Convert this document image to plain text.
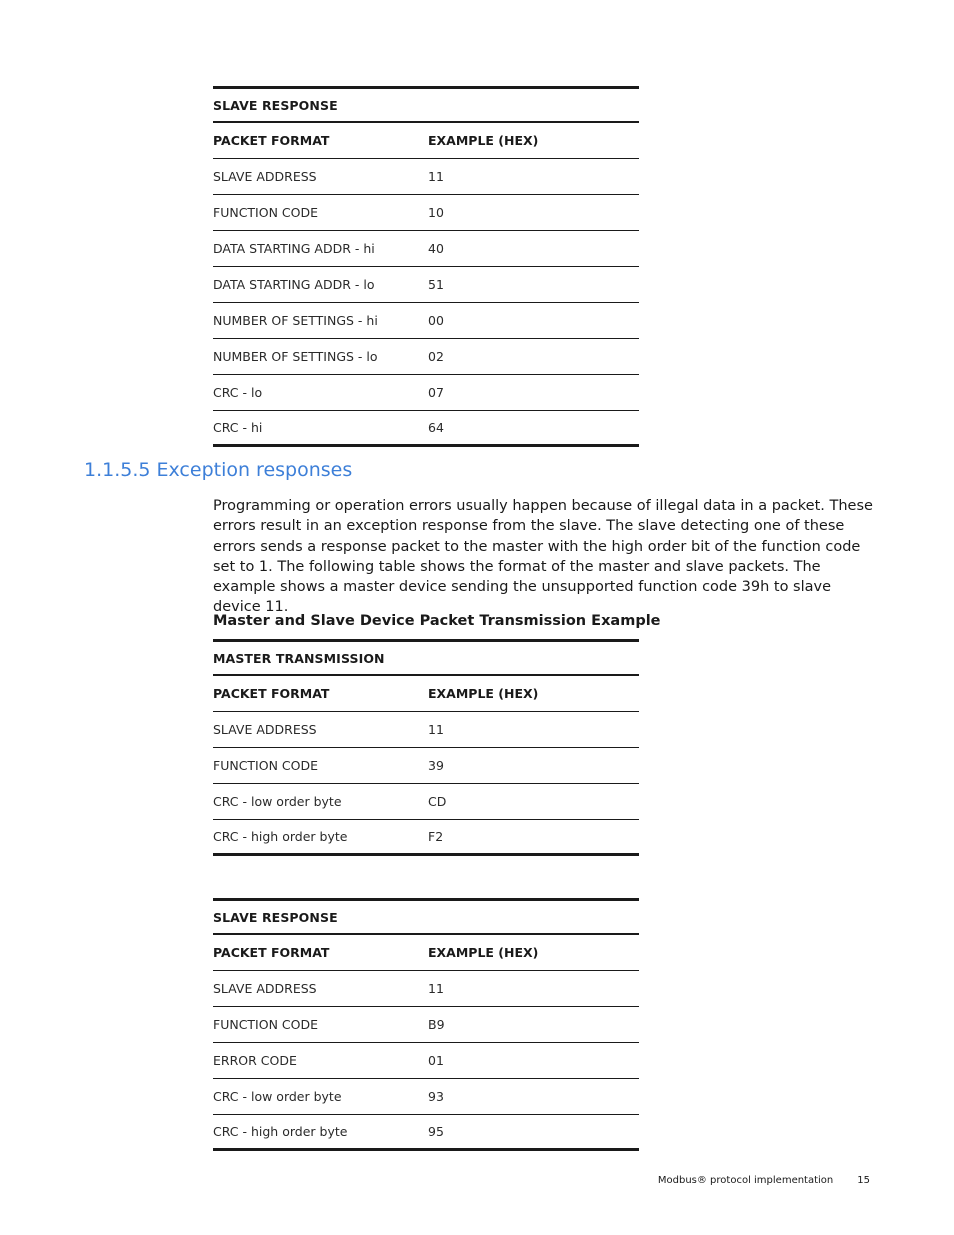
SLAVE RESPONSE
PACKET FORMAT	EXAMPLE (HEX)
SLAVE ADDRESS	11
FUNCTION CODE	10
DATA STARTING ADDR - hi	40
DATA STARTING ADDR - lo	51
NUMBER OF SETTINGS - hi	00
NUMBER OF SETTINGS - lo	02
CRC - lo	07
CRC - hi	64
1.1.5.5 Exception responses
Programming or operation errors usually happen because of illegal data in a packet. These errors result in an exception response from the slave. The slave detecting one of these errors sends a response packet to the master with the high order bit of the function code set to 1. The following table shows the format of the master and slave packets. The example shows a master device sending the unsupported function code 39h to slave device 11.
Master and Slave Device Packet Transmission Example
MASTER TRANSMISSION
PACKET FORMAT	EXAMPLE (HEX)
SLAVE ADDRESS	11
FUNCTION CODE	39
CRC - low order byte	CD
CRC - high order byte	F2
SLAVE RESPONSE
PACKET FORMAT	EXAMPLE (HEX)
SLAVE ADDRESS	11
FUNCTION CODE	B9
ERROR CODE	01
CRC - low order byte	93
CRC - high order byte	95
Modbus® protocol implementation 15
